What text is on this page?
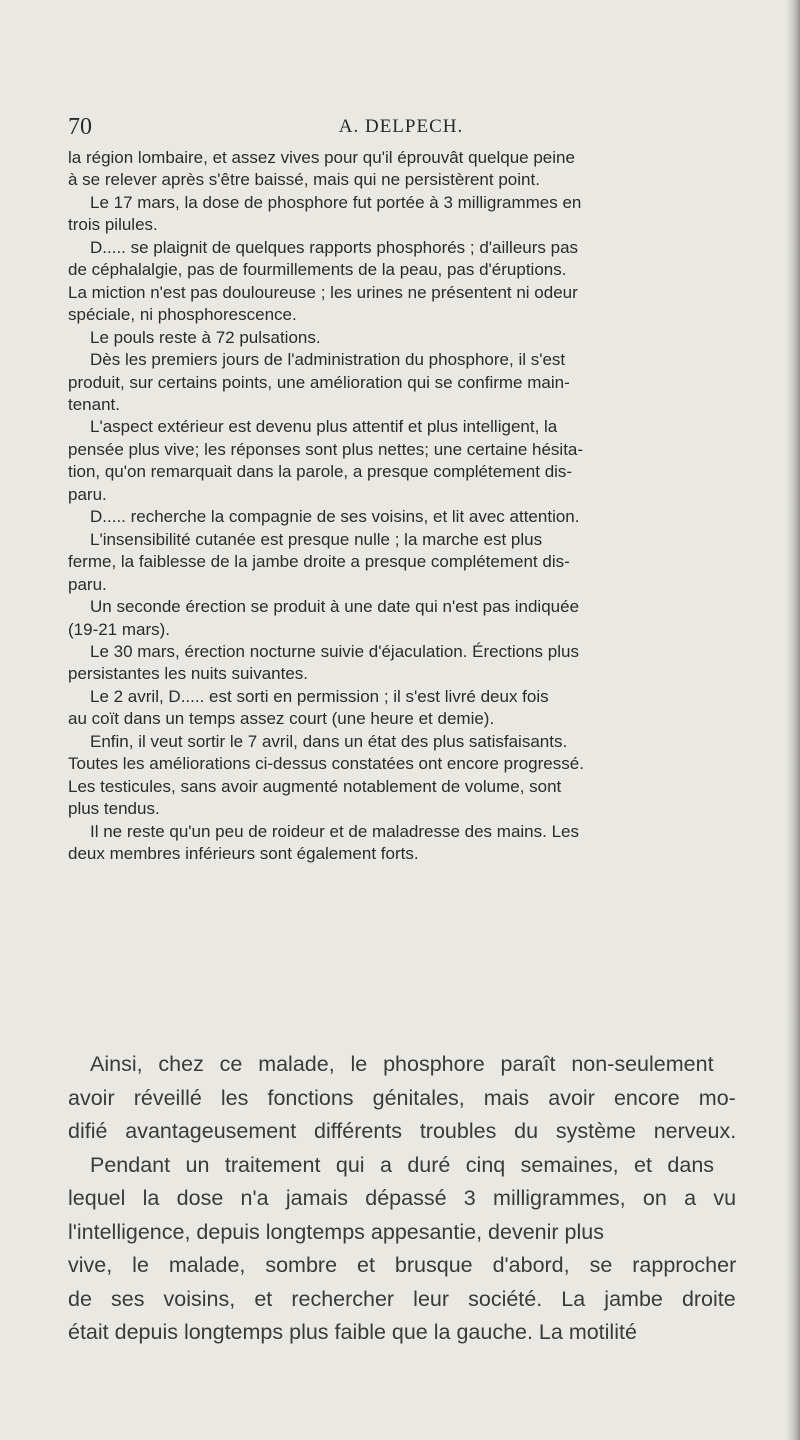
70	A. DELPECH.
la région lombaire, et assez vives pour qu'il éprouvât quelque peine
à se relever après s'être baissé, mais qui ne persistèrent point.
Le 17 mars, la dose de phosphore fut portée à 3 milligrammes en
trois pilules.
D..... se plaignit de quelques rapports phosphorés ; d'ailleurs pas
de céphalalgie, pas de fourmillements de la peau, pas d'éruptions.
La miction n'est pas douloureuse ; les urines ne présentent ni odeur
spéciale, ni phosphorescence.
Le pouls reste à 72 pulsations.
Dès les premiers jours de l'administration du phosphore, il s'est
produit, sur certains points, une amélioration qui se confirme main-
tenant.
L'aspect extérieur est devenu plus attentif et plus intelligent, la
pensée plus vive; les réponses sont plus nettes; une certaine hésita-
tion, qu'on remarquait dans la parole, a presque complétement dis-
paru.
D..... recherche la compagnie de ses voisins, et lit avec attention.
L'insensibilité cutanée est presque nulle ; la marche est plus
ferme, la faiblesse de la jambe droite a presque complétement dis-
paru.
Un seconde érection se produit à une date qui n'est pas indiquée
(19-21 mars).
Le 30 mars, érection nocturne suivie d'éjaculation. Érections plus
persistantes les nuits suivantes.
Le 2 avril, D..... est sorti en permission ; il s'est livré deux fois
au coït dans un temps assez court (une heure et demie).
Enfin, il veut sortir le 7 avril, dans un état des plus satisfaisants.
Toutes les améliorations ci-dessus constatées ont encore progressé.
Les testicules, sans avoir augmenté notablement de volume, sont
plus tendus.
Il ne reste qu'un peu de roideur et de maladresse des mains. Les
deux membres inférieurs sont également forts.
Ainsi, chez ce malade, le phosphore paraît non-seulement
avoir réveillé les fonctions génitales, mais avoir encore mo-
difié avantageusement différents troubles du système nerveux.
Pendant un traitement qui a duré cinq semaines, et dans
lequel la dose n'a jamais dépassé 3 milligrammes, on a vu
l'intelligence, depuis longtemps appesantie, devenir plus
vive, le malade, sombre et brusque d'abord, se rapprocher
de ses voisins, et rechercher leur société. La jambe droite
était depuis longtemps plus faible que la gauche. La motilité
